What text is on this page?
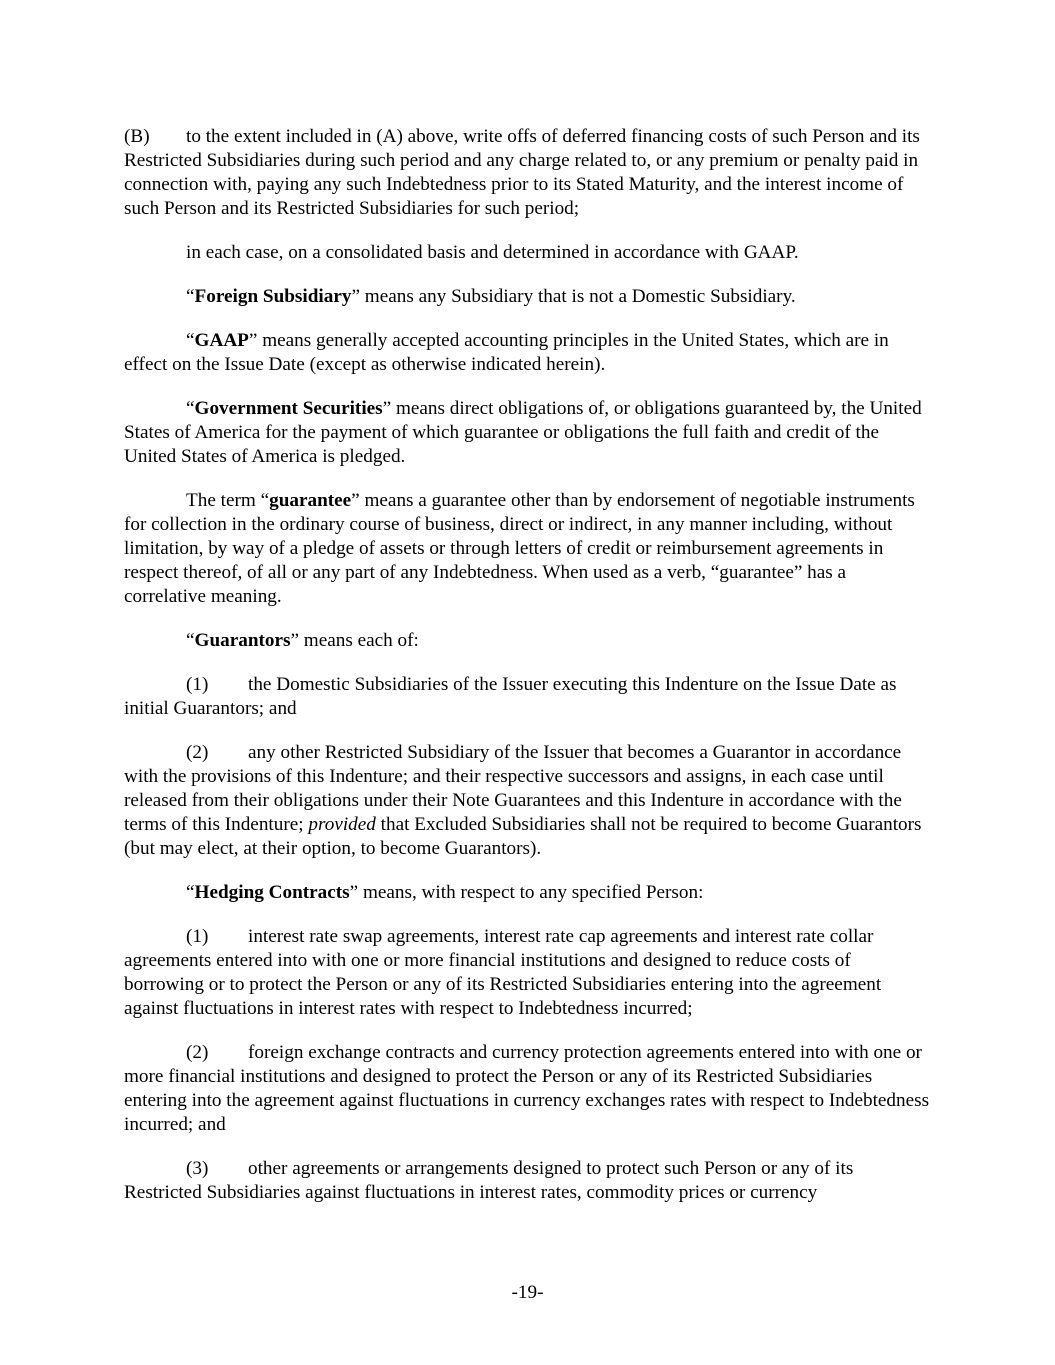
(B) to the extent included in (A) above, write offs of deferred financing costs of such Person and its Restricted Subsidiaries during such period and any charge related to, or any premium or penalty paid in connection with, paying any such Indebtedness prior to its Stated Maturity, and the interest income of such Person and its Restricted Subsidiaries for such period;

in each case, on a consolidated basis and determined in accordance with GAAP.

“Foreign Subsidiary” means any Subsidiary that is not a Domestic Subsidiary.

“GAAP” means generally accepted accounting principles in the United States, which are in effect on the Issue Date (except as otherwise indicated herein).

“Government Securities” means direct obligations of, or obligations guaranteed by, the United States of America for the payment of which guarantee or obligations the full faith and credit of the United States of America is pledged.

The term “guarantee” means a guarantee other than by endorsement of negotiable instruments for collection in the ordinary course of business, direct or indirect, in any manner including, without limitation, by way of a pledge of assets or through letters of credit or reimbursement agreements in respect thereof, of all or any part of any Indebtedness. When used as a verb, “guarantee” has a correlative meaning.

“Guarantors” means each of:

(1) the Domestic Subsidiaries of the Issuer executing this Indenture on the Issue Date as initial Guarantors; and

(2) any other Restricted Subsidiary of the Issuer that becomes a Guarantor in accordance with the provisions of this Indenture; and their respective successors and assigns, in each case until released from their obligations under their Note Guarantees and this Indenture in accordance with the terms of this Indenture; provided that Excluded Subsidiaries shall not be required to become Guarantors (but may elect, at their option, to become Guarantors).

“Hedging Contracts” means, with respect to any specified Person:

(1) interest rate swap agreements, interest rate cap agreements and interest rate collar agreements entered into with one or more financial institutions and designed to reduce costs of borrowing or to protect the Person or any of its Restricted Subsidiaries entering into the agreement against fluctuations in interest rates with respect to Indebtedness incurred;

(2) foreign exchange contracts and currency protection agreements entered into with one or more financial institutions and designed to protect the Person or any of its Restricted Subsidiaries entering into the agreement against fluctuations in currency exchanges rates with respect to Indebtedness incurred; and

(3) other agreements or arrangements designed to protect such Person or any of its Restricted Subsidiaries against fluctuations in interest rates, commodity prices or currency

-19-
